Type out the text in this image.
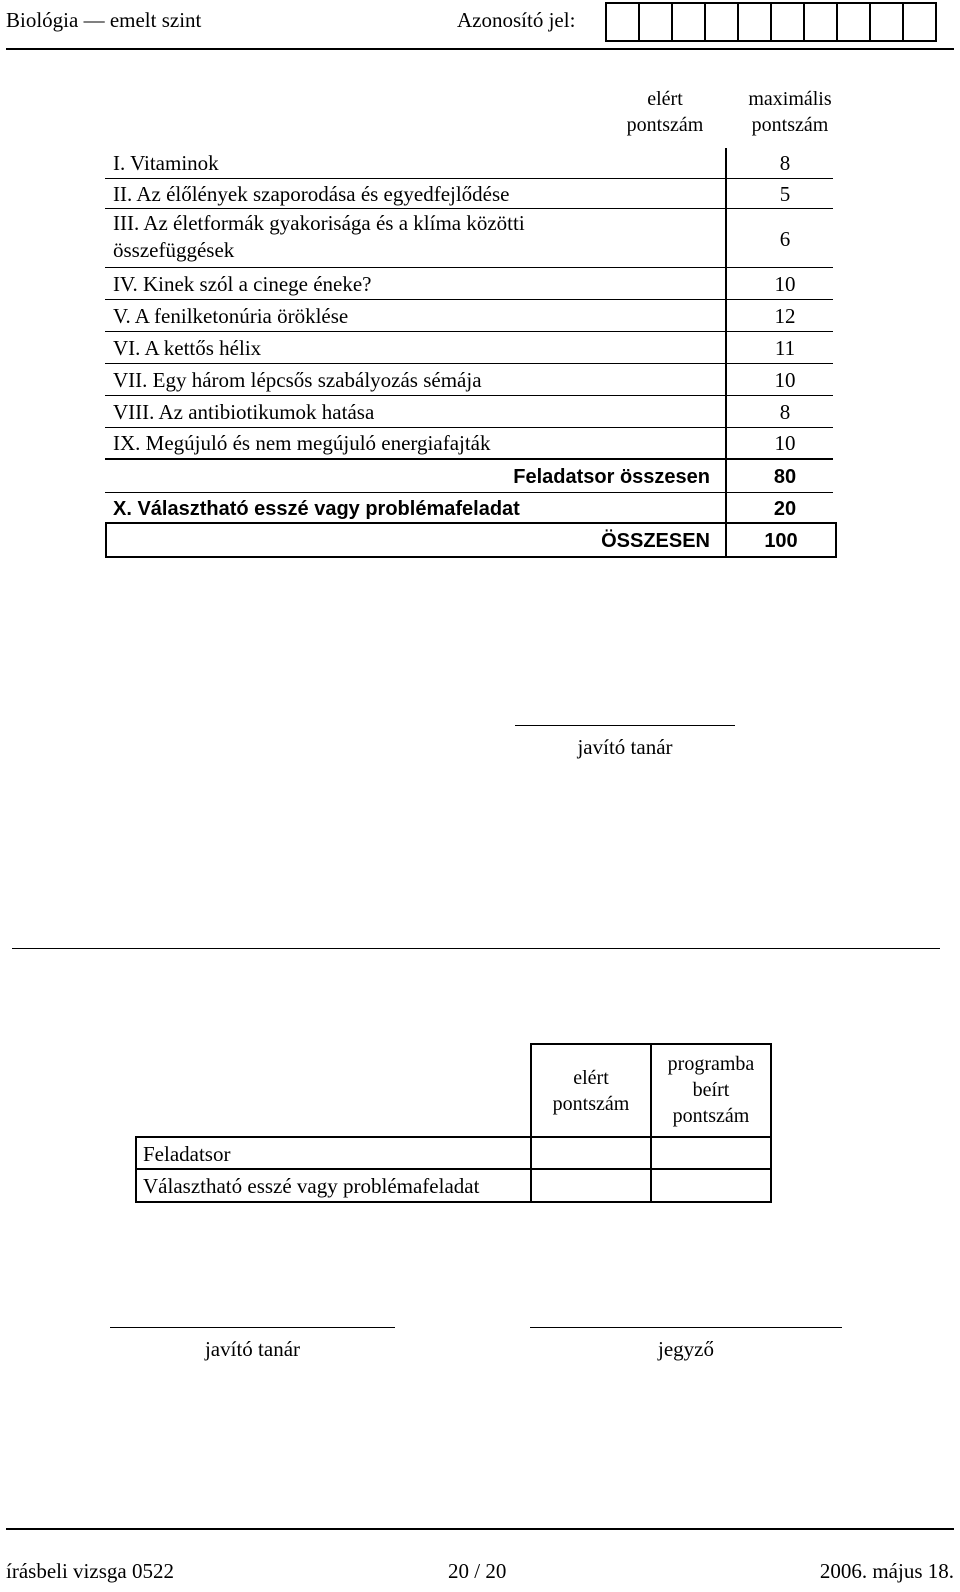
Biológia — emelt szint	Azonosító jel:
elért
pontszám
maximális
pontszám
I. Vitaminok	8
II. Az élőlények szaporodása és egyedfejlődése	5
III. Az életformák gyakorisága és a klíma közötti
összefüggések	6
IV. Kinek szól a cinege éneke?	10
V. A fenilketonúria öröklése	12
VI. A kettős hélix	11
VII. Egy három lépcsős szabályozás sémája	10
VIII. Az antibiotikumok hatása	8
IX. Megújuló és nem megújuló energiafajták	10
Feladatsor összesen	80
X. Választható esszé vagy problémafeladat	20
ÖSSZESEN	100
javító tanár
elért
pontszám
programba
beírt
pontszám
Feladatsor
Választható esszé vagy problémafeladat
javító tanár	jegyző
írásbeli vizsga 0522	20 / 20	2006. május 18.
